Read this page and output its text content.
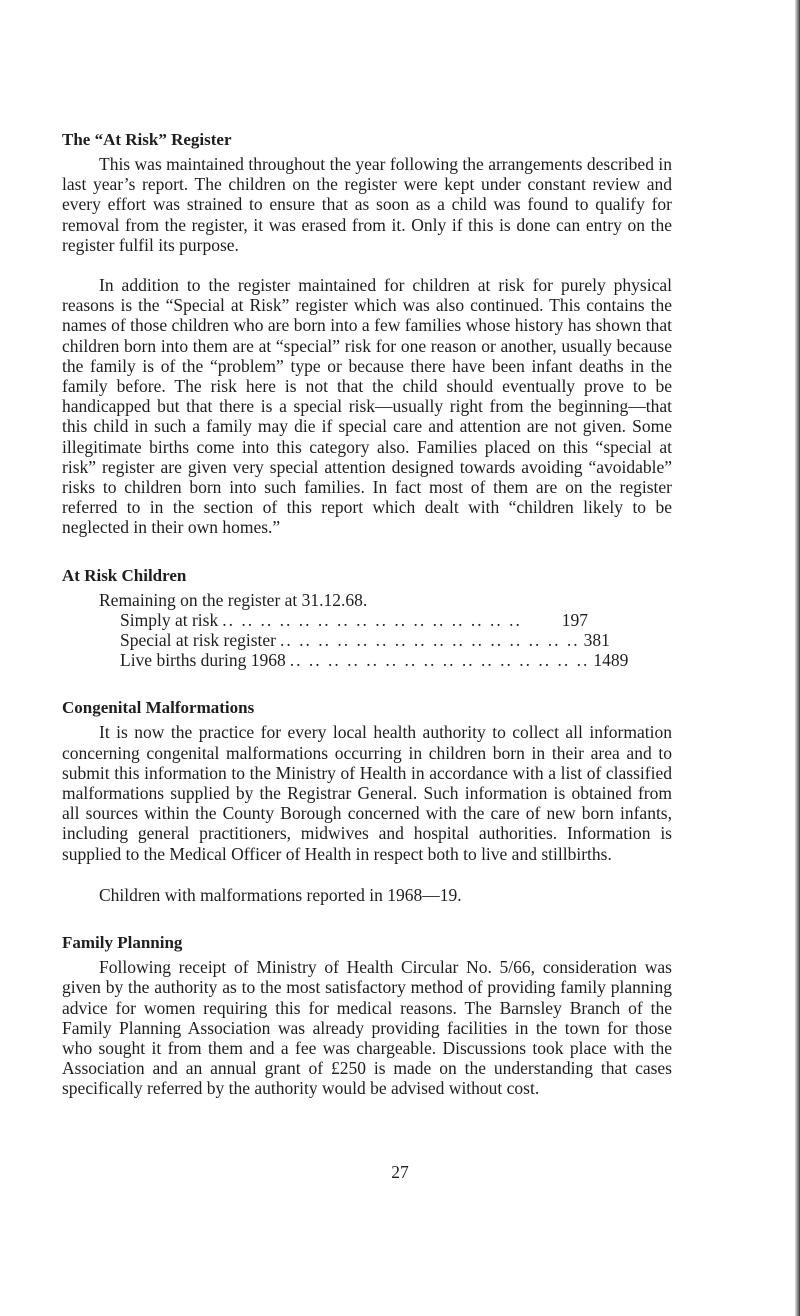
The “At Risk” Register

This was maintained throughout the year following the arrangements described in last year’s report. The children on the register were kept under constant review and every effort was strained to ensure that as soon as a child was found to qualify for removal from the register, it was erased from it. Only if this is done can entry on the register fulfil its purpose.

In addition to the register maintained for children at risk for purely physical reasons is the “Special at Risk” register which was also continued. This contains the names of those children who are born into a few families whose history has shown that children born into them are at “special” risk for one reason or another, usually because the family is of the “problem” type or because there have been infant deaths in the family before. The risk here is not that the child should eventually prove to be handicapped but that there is a special risk—usually right from the beginning—that this child in such a family may die if special care and attention are not given. Some illegitimate births come into this category also. Families placed on this “special at risk” register are given very special attention designed towards avoiding “avoidable” risks to children born into such families. In fact most of them are on the register referred to in the section of this report which dealt with “children likely to be neglected in their own homes.”

At Risk Children

Remaining on the register at 31.12.68.

Simply at risk .. .. .. .. .. .. .. .. .. .. .. .. .. .. .. ..	197
Special at risk register .. .. .. .. .. .. .. .. .. .. .. .. .. .. .. .. 381
Live births during 1968 .. .. .. .. .. .. .. .. .. .. .. .. .. .. .. .. 1489
Congenital Malformations

It is now the practice for every local health authority to collect all information concerning congenital malformations occurring in children born in their area and to submit this information to the Ministry of Health in accordance with a list of classified malformations supplied by the Registrar General. Such information is obtained from all sources within the County Borough concerned with the care of new born infants, including general practitioners, midwives and hospital authorities. Information is supplied to the Medical Officer of Health in respect both to live and stillbirths.

Children with malformations reported in 1968—19.

Family Planning

Following receipt of Ministry of Health Circular No. 5/66, consideration was given by the authority as to the most satisfactory method of providing family planning advice for women requiring this for medical reasons. The Barnsley Branch of the Family Planning Association was already providing facilities in the town for those who sought it from them and a fee was chargeable. Discussions took place with the Association and an annual grant of £250 is made on the understanding that cases specifically referred by the authority would be advised without cost.

27
